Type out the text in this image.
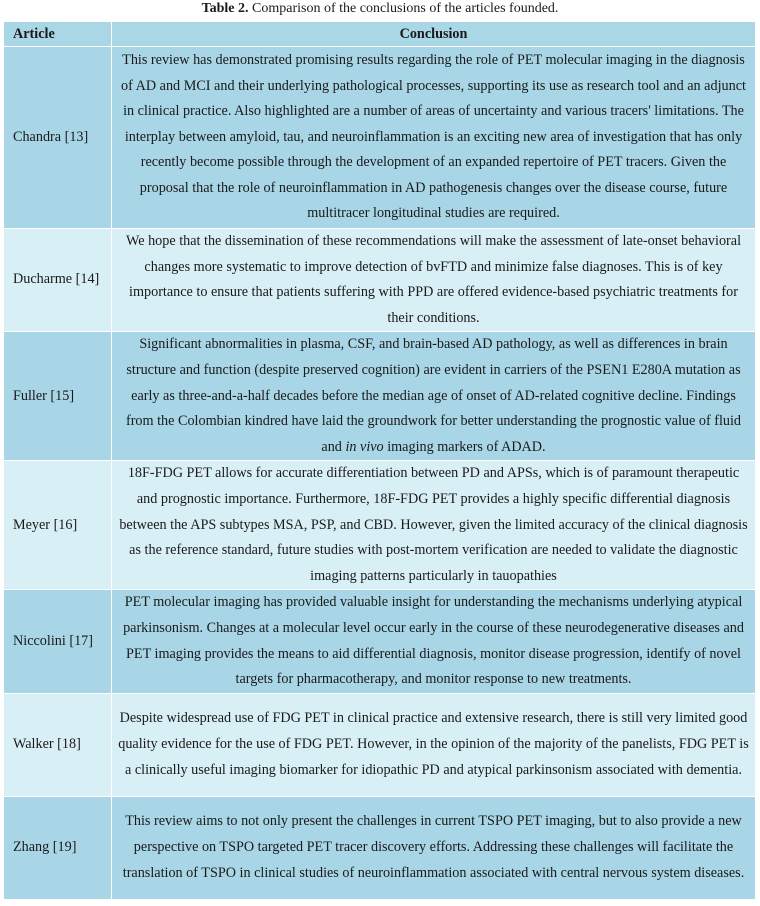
Table 2. Comparison of the conclusions of the articles founded.
Article	Conclusion
Chandra [13]	This review has demonstrated promising results regarding the role of PET molecular imaging in the diagnosis of AD and MCI and their underlying pathological processes, supporting its use as research tool and an adjunct in clinical practice. Also highlighted are a number of areas of uncertainty and various tracers' limitations. The interplay between amyloid, tau, and neuroinflammation is an exciting new area of investigation that has only recently become possible through the development of an expanded repertoire of PET tracers. Given the proposal that the role of neuroinflammation in AD pathogenesis changes over the disease course, future multitracer longitudinal studies are required.
Ducharme [14]	We hope that the dissemination of these recommendations will make the assessment of late-onset behavioral changes more systematic to improve detection of bvFTD and minimize false diagnoses. This is of key importance to ensure that patients suffering with PPD are offered evidence-based psychiatric treatments for their conditions.
Fuller [15]	Significant abnormalities in plasma, CSF, and brain-based AD pathology, as well as differences in brain structure and function (despite preserved cognition) are evident in carriers of the PSEN1 E280A mutation as early as three-and-a-half decades before the median age of onset of AD-related cognitive decline. Findings from the Colombian kindred have laid the groundwork for better understanding the prognostic value of fluid and in vivo imaging markers of ADAD.
Meyer [16]	18F-FDG PET allows for accurate differentiation between PD and APSs, which is of paramount therapeutic and prognostic importance. Furthermore, 18F-FDG PET provides a highly specific differential diagnosis between the APS subtypes MSA, PSP, and CBD. However, given the limited accuracy of the clinical diagnosis as the reference standard, future studies with post-mortem verification are needed to validate the diagnostic imaging patterns particularly in tauopathies
Niccolini [17]	PET molecular imaging has provided valuable insight for understanding the mechanisms underlying atypical parkinsonism. Changes at a molecular level occur early in the course of these neurodegenerative diseases and PET imaging provides the means to aid differential diagnosis, monitor disease progression, identify of novel targets for pharmacotherapy, and monitor response to new treatments.
Walker [18]	Despite widespread use of FDG PET in clinical practice and extensive research, there is still very limited good quality evidence for the use of FDG PET. However, in the opinion of the majority of the panelists, FDG PET is a clinically useful imaging biomarker for idiopathic PD and atypical parkinsonism associated with dementia.
Zhang [19]	This review aims to not only present the challenges in current TSPO PET imaging, but to also provide a new perspective on TSPO targeted PET tracer discovery efforts. Addressing these challenges will facilitate the translation of TSPO in clinical studies of neuroinflammation associated with central nervous system diseases.
